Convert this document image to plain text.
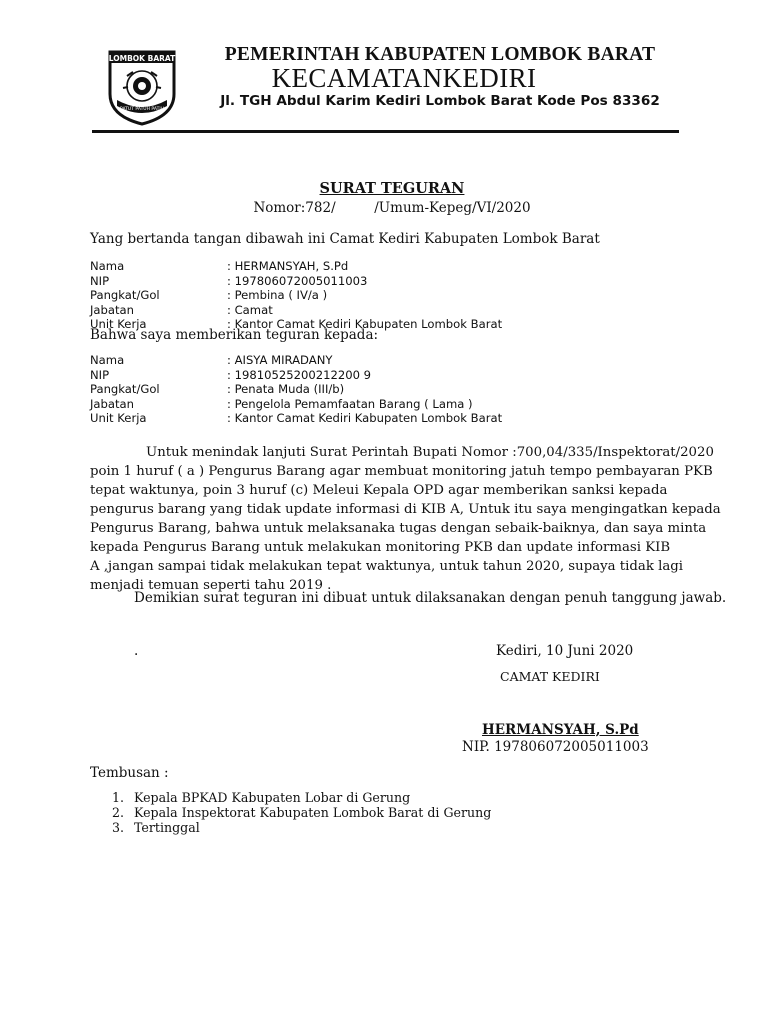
LOMBOK BARAT
PATUT PATUH PATJU
PEMERINTAH KABUPATEN LOMBOK BARAT
KECAMATANKEDIRI
Jl. TGH Abdul Karim Kediri Lombok Barat Kode Pos 83362
SURAT TEGURAN
Nomor:782/         /Umum-Kepeg/VI/2020
Yang bertanda tangan dibawah ini Camat Kediri Kabupaten Lombok Barat
Nama	: HERMANSYAH, S.Pd
NIP	: 197806072005011003
Pangkat/Gol	: Pembina ( IV/a )
Jabatan	: Camat
Unit Kerja	: Kantor Camat Kediri Kabupaten Lombok Barat
Bahwa saya memberikan teguran kepada:
Nama	: AISYA MIRADANY
NIP	: 19810525200212200 9
Pangkat/Gol	: Penata Muda (III/b)
Jabatan	: Pengelola Pemamfaatan Barang ( Lama )
Unit Kerja	: Kantor Camat Kediri Kabupaten Lombok Barat
Untuk menindak lanjuti Surat Perintah Bupati Nomor :700,04/335/Inspektorat/2020
poin 1 huruf ( a ) Pengurus Barang agar membuat monitoring jatuh tempo pembayaran PKB
tepat waktunya, poin 3 huruf (c) Meleui Kepala OPD agar memberikan sanksi kepada
pengurus barang yang tidak update informasi di KIB A, Untuk itu saya mengingatkan kepada
Pengurus Barang, bahwa untuk melaksanaka tugas dengan sebaik-baiknya, dan saya minta
kepada Pengurus Barang untuk melakukan monitoring PKB dan update informasi KIB
A ,jangan sampai tidak melakukan tepat waktunya, untuk tahun 2020, supaya tidak lagi
menjadi temuan seperti tahu 2019 .
Demikian surat teguran ini dibuat untuk dilaksanakan dengan penuh tanggung jawab.
.	Kediri, 10 Juni 2020
CAMAT KEDIRI
HERMANSYAH, S.Pd
NIP. 197806072005011003
Tembusan :
1. Kepala BPKAD Kabupaten Lobar di Gerung
2. Kepala Inspektorat Kabupaten Lombok Barat di Gerung
3. Tertinggal
